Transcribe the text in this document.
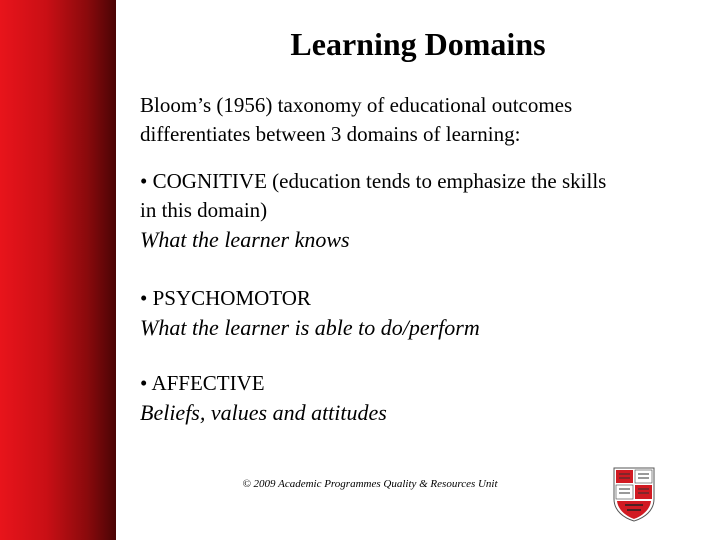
Learning Domains

Bloom’s (1956) taxonomy of educational outcomes

differentiates between 3 domains of learning:

• COGNITIVE (education tends to emphasize the skills

in this domain)

What the learner knows

• PSYCHOMOTOR

What the learner is able to do/perform

• AFFECTIVE

Beliefs, values and attitudes

© 2009 Academic Programmes Quality & Resources Unit
